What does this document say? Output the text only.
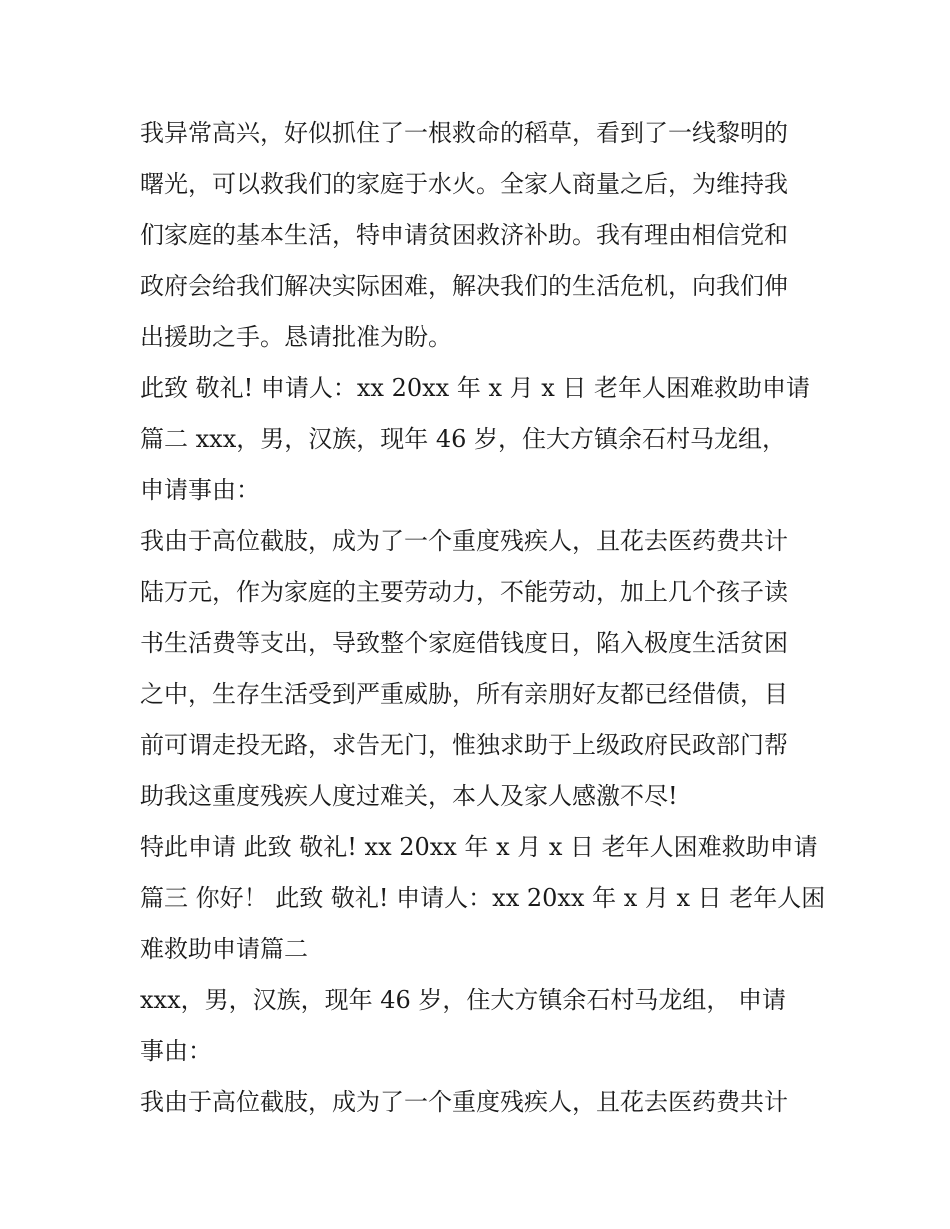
我异常高兴，好似抓住了一根救命的稻草，看到了一线黎明的
曙光，可以救我们的家庭于水火。全家人商量之后，为维持我
们家庭的基本生活，特申请贫困救济补助。我有理由相信党和
政府会给我们解决实际困难，解决我们的生活危机，向我们伸
出援助之手。恳请批准为盼。
此致 敬礼! 申请人：xx 20xx 年 x 月 x 日 老年人困难救助申请
篇二 xxx，男，汉族，现年 46 岁，住大方镇余石村马龙组，
申请事由：
我由于高位截肢，成为了一个重度残疾人，且花去医药费共计
陆万元，作为家庭的主要劳动力，不能劳动，加上几个孩子读
书生活费等支出，导致整个家庭借钱度日，陷入极度生活贫困
之中，生存生活受到严重威胁，所有亲朋好友都已经借债，目
前可谓走投无路，求告无门，惟独求助于上级政府民政部门帮
助我这重度残疾人度过难关，本人及家人感激不尽!
特此申请 此致 敬礼! xx 20xx 年 x 月 x 日 老年人困难救助申请
篇三 你好！ 此致 敬礼! 申请人：xx 20xx 年 x 月 x 日 老年人困
难救助申请篇二
xxx，男，汉族，现年 46 岁，住大方镇余石村马龙组， 申请
事由：
我由于高位截肢，成为了一个重度残疾人，且花去医药费共计
